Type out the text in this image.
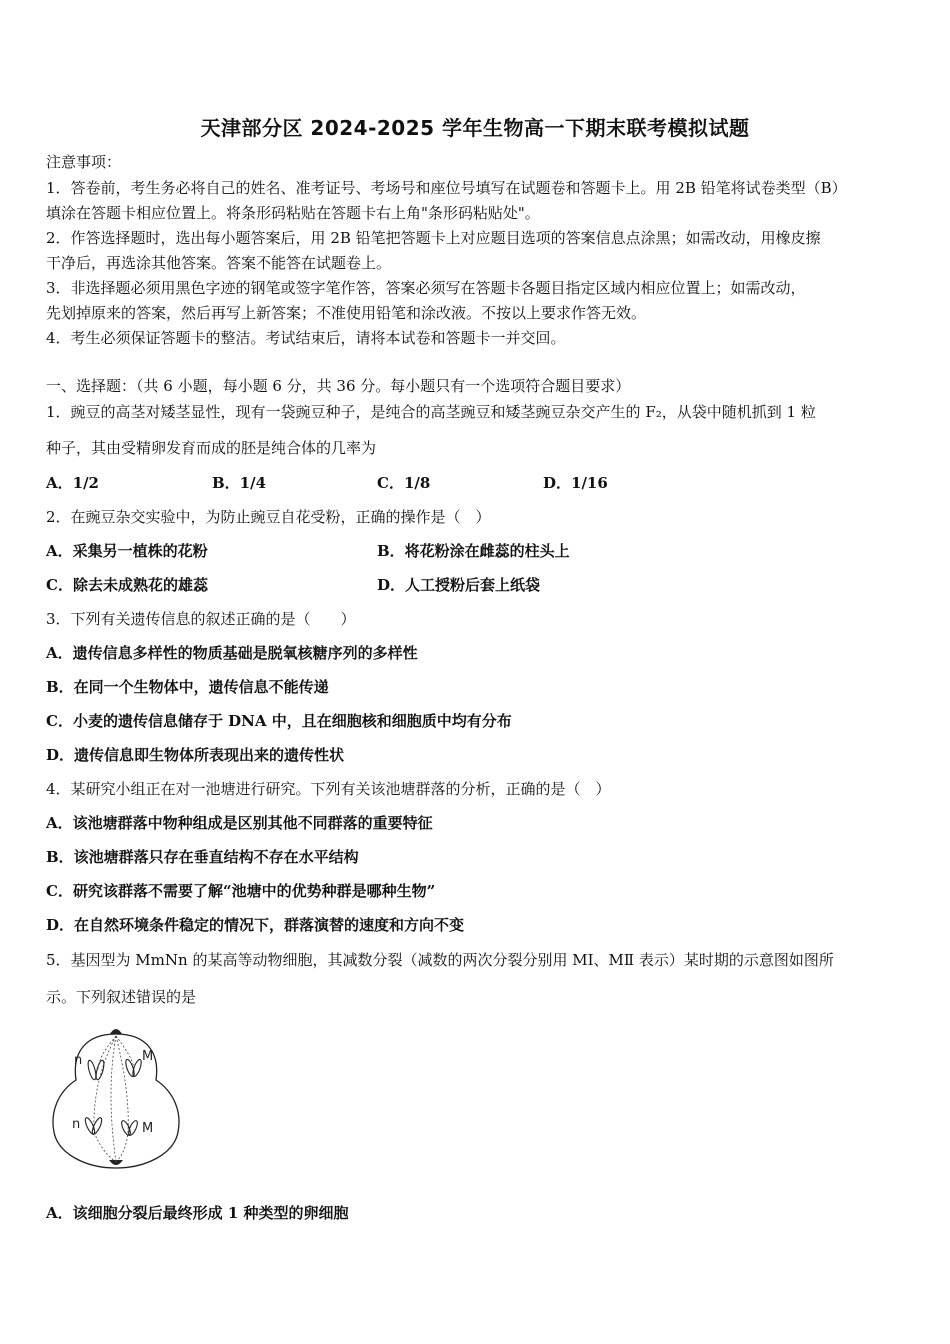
天津部分区 2024-2025 学年生物高一下期末联考模拟试题
注意事项：
1．答卷前，考生务必将自己的姓名、准考证号、考场号和座位号填写在试题卷和答题卡上。用 2B 铅笔将试卷类型（B）
填涂在答题卡相应位置上。将条形码粘贴在答题卡右上角"条形码粘贴处"。
2．作答选择题时，选出每小题答案后，用 2B 铅笔把答题卡上对应题目选项的答案信息点涂黑；如需改动，用橡皮擦
干净后，再选涂其他答案。答案不能答在试题卷上。
3．非选择题必须用黑色字迹的钢笔或签字笔作答，答案必须写在答题卡各题目指定区域内相应位置上；如需改动，
先划掉原来的答案，然后再写上新答案；不准使用铅笔和涂改液。不按以上要求作答无效。
4．考生必须保证答题卡的整洁。考试结束后，请将本试卷和答题卡一并交回。
一、选择题：（共 6 小题，每小题 6 分，共 36 分。每小题只有一个选项符合题目要求）
1．豌豆的高茎对矮茎显性，现有一袋豌豆种子，是纯合的高茎豌豆和矮茎豌豆杂交产生的 F₂，从袋中随机抓到 1 粒
种子，其由受精卵发育而成的胚是纯合体的几率为
A．1/2	B．1/4	C．1/8	D．1/16
2．在豌豆杂交实验中，为防止豌豆自花受粉，正确的操作是（　）
A．采集另一植株的花粉	B．将花粉涂在雌蕊的柱头上
C．除去未成熟花的雄蕊	D．人工授粉后套上纸袋
3．下列有关遗传信息的叙述正确的是（　　）
A．遗传信息多样性的物质基础是脱氧核糖序列的多样性
B．在同一个生物体中，遗传信息不能传递
C．小麦的遗传信息储存于 DNA 中，且在细胞核和细胞质中均有分布
D．遗传信息即生物体所表现出来的遗传性状
4．某研究小组正在对一池塘进行研究。下列有关该池塘群落的分析，正确的是（　）
A．该池塘群落中物种组成是区别其他不同群落的重要特征
B．该池塘群落只存在垂直结构不存在水平结构
C．研究该群落不需要了解“池塘中的优势种群是哪种生物”
D．在自然环境条件稳定的情况下，群落演替的速度和方向不变
5．基因型为 MmNn 的某高等动物细胞，其减数分裂（减数的两次分裂分别用 MⅠ、MⅡ 表示）某时期的示意图如图所
示。下列叙述错误的是
n	M
n	M
A．该细胞分裂后最终形成 1 种类型的卵细胞
